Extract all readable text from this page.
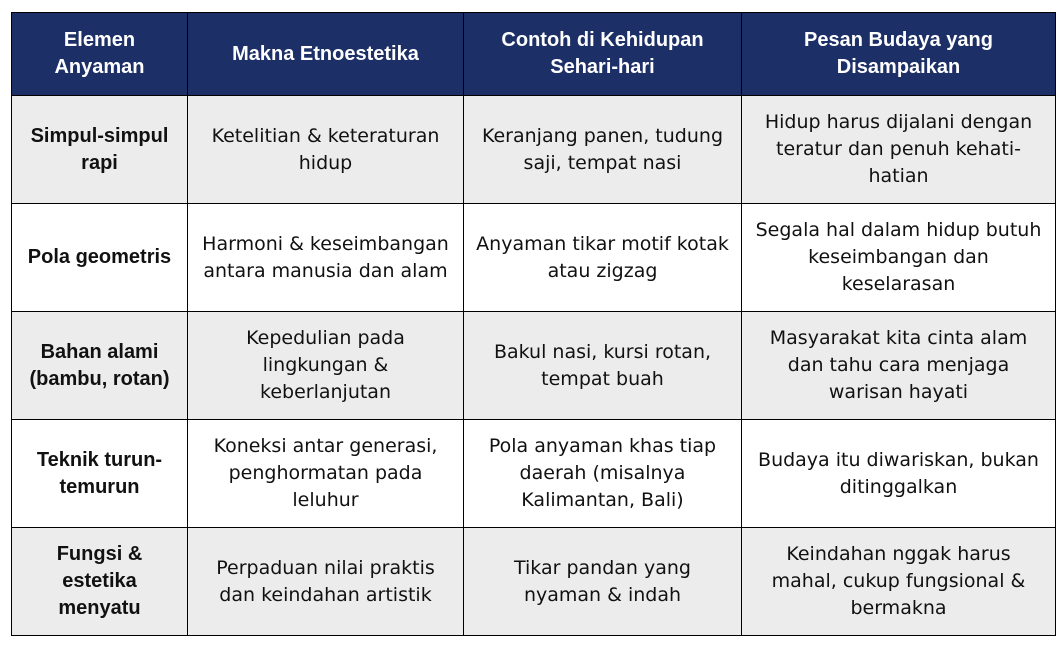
Elemen Anyaman	Makna Etnoestetika	Contoh di Kehidupan Sehari-hari	Pesan Budaya yang Disampaikan
Simpul-simpul rapi	Ketelitian & keteraturan hidup	Keranjang panen, tudung saji, tempat nasi	Hidup harus dijalani dengan teratur dan penuh kehati-hatian
Pola geometris	Harmoni & keseimbangan antara manusia dan alam	Anyaman tikar motif kotak atau zigzag	Segala hal dalam hidup butuh keseimbangan dan keselarasan
Bahan alami (bambu, rotan)	Kepedulian pada lingkungan & keberlanjutan	Bakul nasi, kursi rotan, tempat buah	Masyarakat kita cinta alam dan tahu cara menjaga warisan hayati
Teknik turun-temurun	Koneksi antar generasi, penghormatan pada leluhur	Pola anyaman khas tiap daerah (misalnya Kalimantan, Bali)	Budaya itu diwariskan, bukan ditinggalkan
Fungsi & estetika menyatu	Perpaduan nilai praktis dan keindahan artistik	Tikar pandan yang nyaman & indah	Keindahan nggak harus mahal, cukup fungsional & bermakna
